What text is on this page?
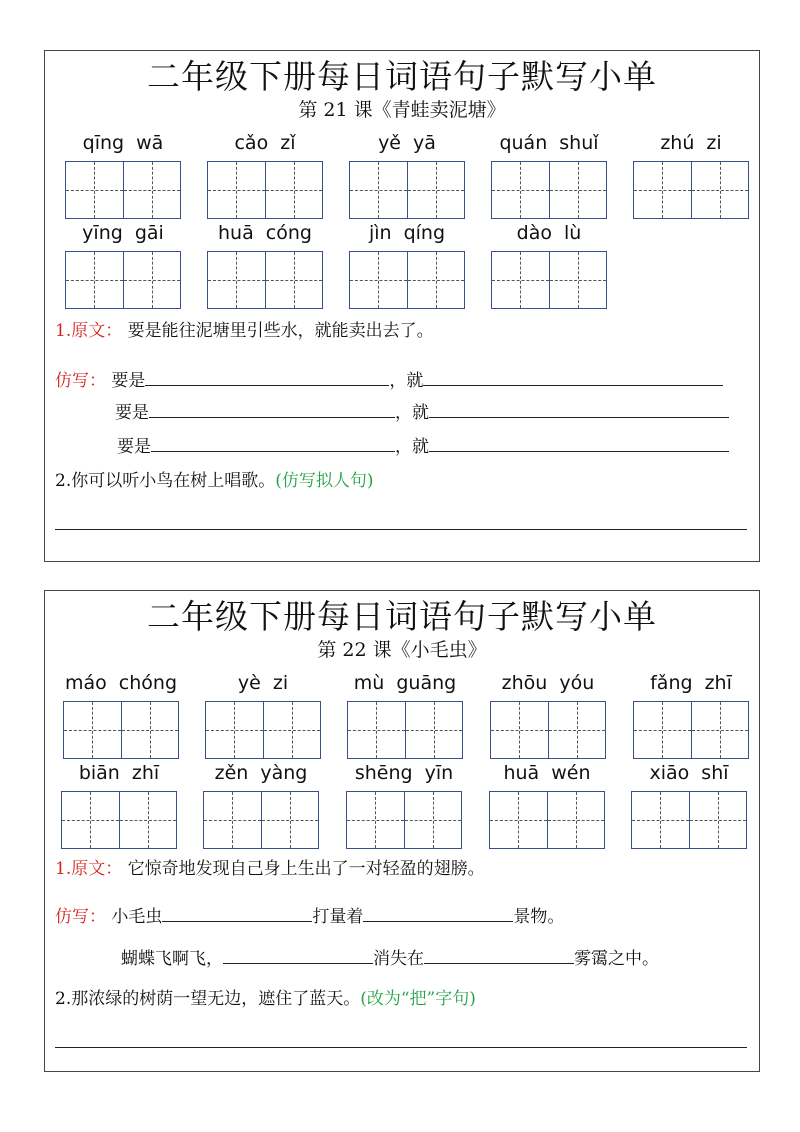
二年级下册每日词语句子默写小单
第 21 课《青蛙卖泥塘》
qīng wā	cǎo zǐ	yě yā	quán shuǐ	zhú zi
yīng gāi	huā cóng	jìn qíng	dào lù
1.原文： 要是能往泥塘里引些水，就能卖出去了。
仿写： 要是	，就
要是	，就
要是	，就
2.你可以听小鸟在树上唱歌。(仿写拟人句)
二年级下册每日词语句子默写小单
第 22 课《小毛虫》
máo chóng	yè zi	mù guāng	zhōu yóu	fǎng zhī
biān zhī	zěn yàng	shēng yīn	huā wén	xiāo shī
1.原文： 它惊奇地发现自己身上生出了一对轻盈的翅膀。
仿写： 小毛虫	打量着	景物。
蝴蝶飞啊飞，	消失在	雾霭之中。
2.那浓绿的树荫一望无边，遮住了蓝天。(改为“把”字句)
